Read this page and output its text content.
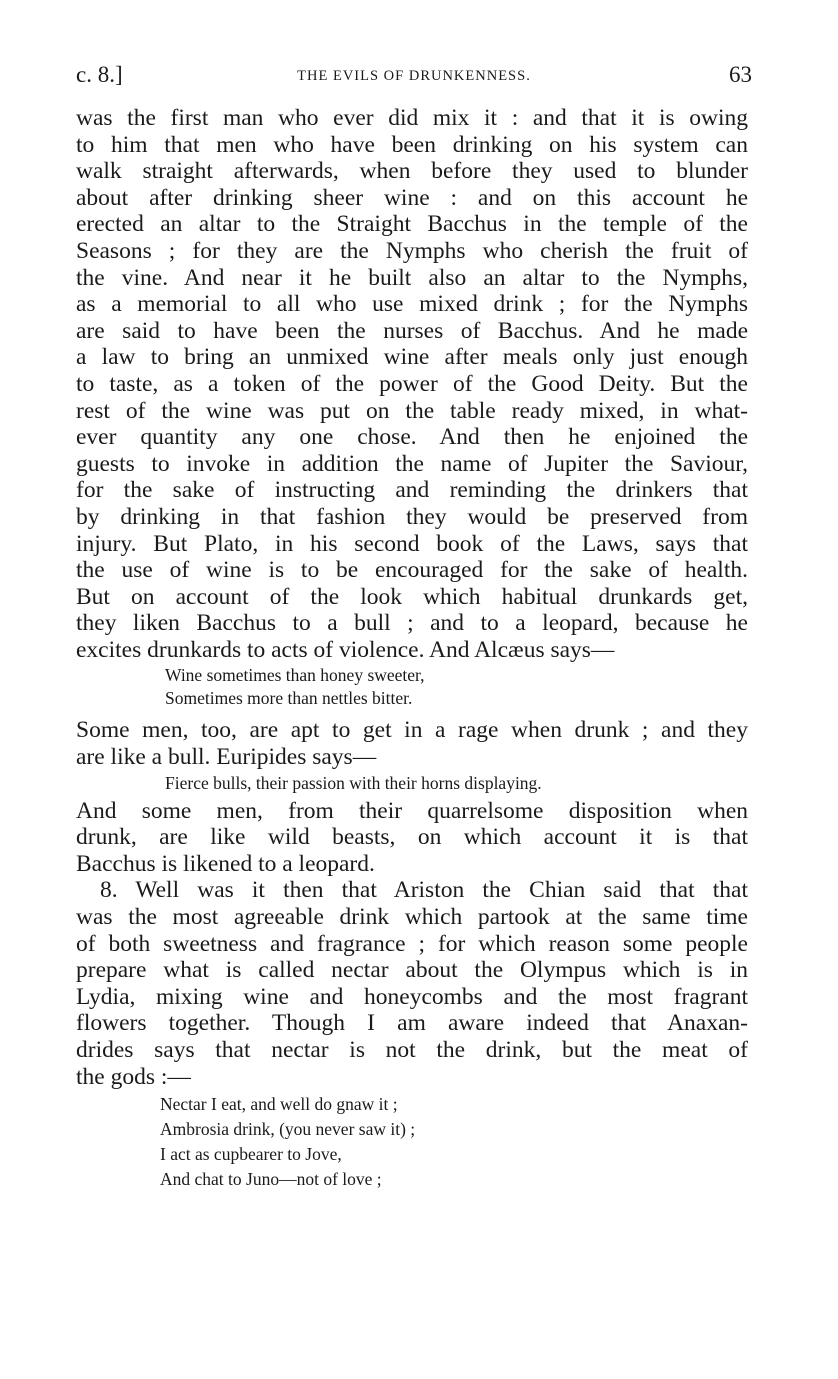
c. 8.]	THE EVILS OF DRUNKENNESS.	63
was the first man who ever did mix it : and that it is owing
to him that men who have been drinking on his system can
walk straight afterwards, when before they used to blunder
about after drinking sheer wine : and on this account he
erected an altar to the Straight Bacchus in the temple of the
Seasons ; for they are the Nymphs who cherish the fruit of
the vine. And near it he built also an altar to the Nymphs,
as a memorial to all who use mixed drink ; for the Nymphs
are said to have been the nurses of Bacchus. And he made
a law to bring an unmixed wine after meals only just enough
to taste, as a token of the power of the Good Deity. But the
rest of the wine was put on the table ready mixed, in what-
ever quantity any one chose. And then he enjoined the
guests to invoke in addition the name of Jupiter the Saviour,
for the sake of instructing and reminding the drinkers that
by drinking in that fashion they would be preserved from
injury. But Plato, in his second book of the Laws, says that
the use of wine is to be encouraged for the sake of health.
But on account of the look which habitual drunkards get,
they liken Bacchus to a bull ; and to a leopard, because he
excites drunkards to acts of violence. And Alcæus says—
Wine sometimes than honey sweeter,
Sometimes more than nettles bitter.
Some men, too, are apt to get in a rage when drunk ; and they
are like a bull. Euripides says—
Fierce bulls, their passion with their horns displaying.
And some men, from their quarrelsome disposition when
drunk, are like wild beasts, on which account it is that
Bacchus is likened to a leopard.
8. Well was it then that Ariston the Chian said that that
was the most agreeable drink which partook at the same time
of both sweetness and fragrance ; for which reason some people
prepare what is called nectar about the Olympus which is in
Lydia, mixing wine and honeycombs and the most fragrant
flowers together. Though I am aware indeed that Anaxan-
drides says that nectar is not the drink, but the meat of
the gods :—
Nectar I eat, and well do gnaw it ;
Ambrosia drink, (you never saw it) ;
I act as cupbearer to Jove,
And chat to Juno—not of love ;
